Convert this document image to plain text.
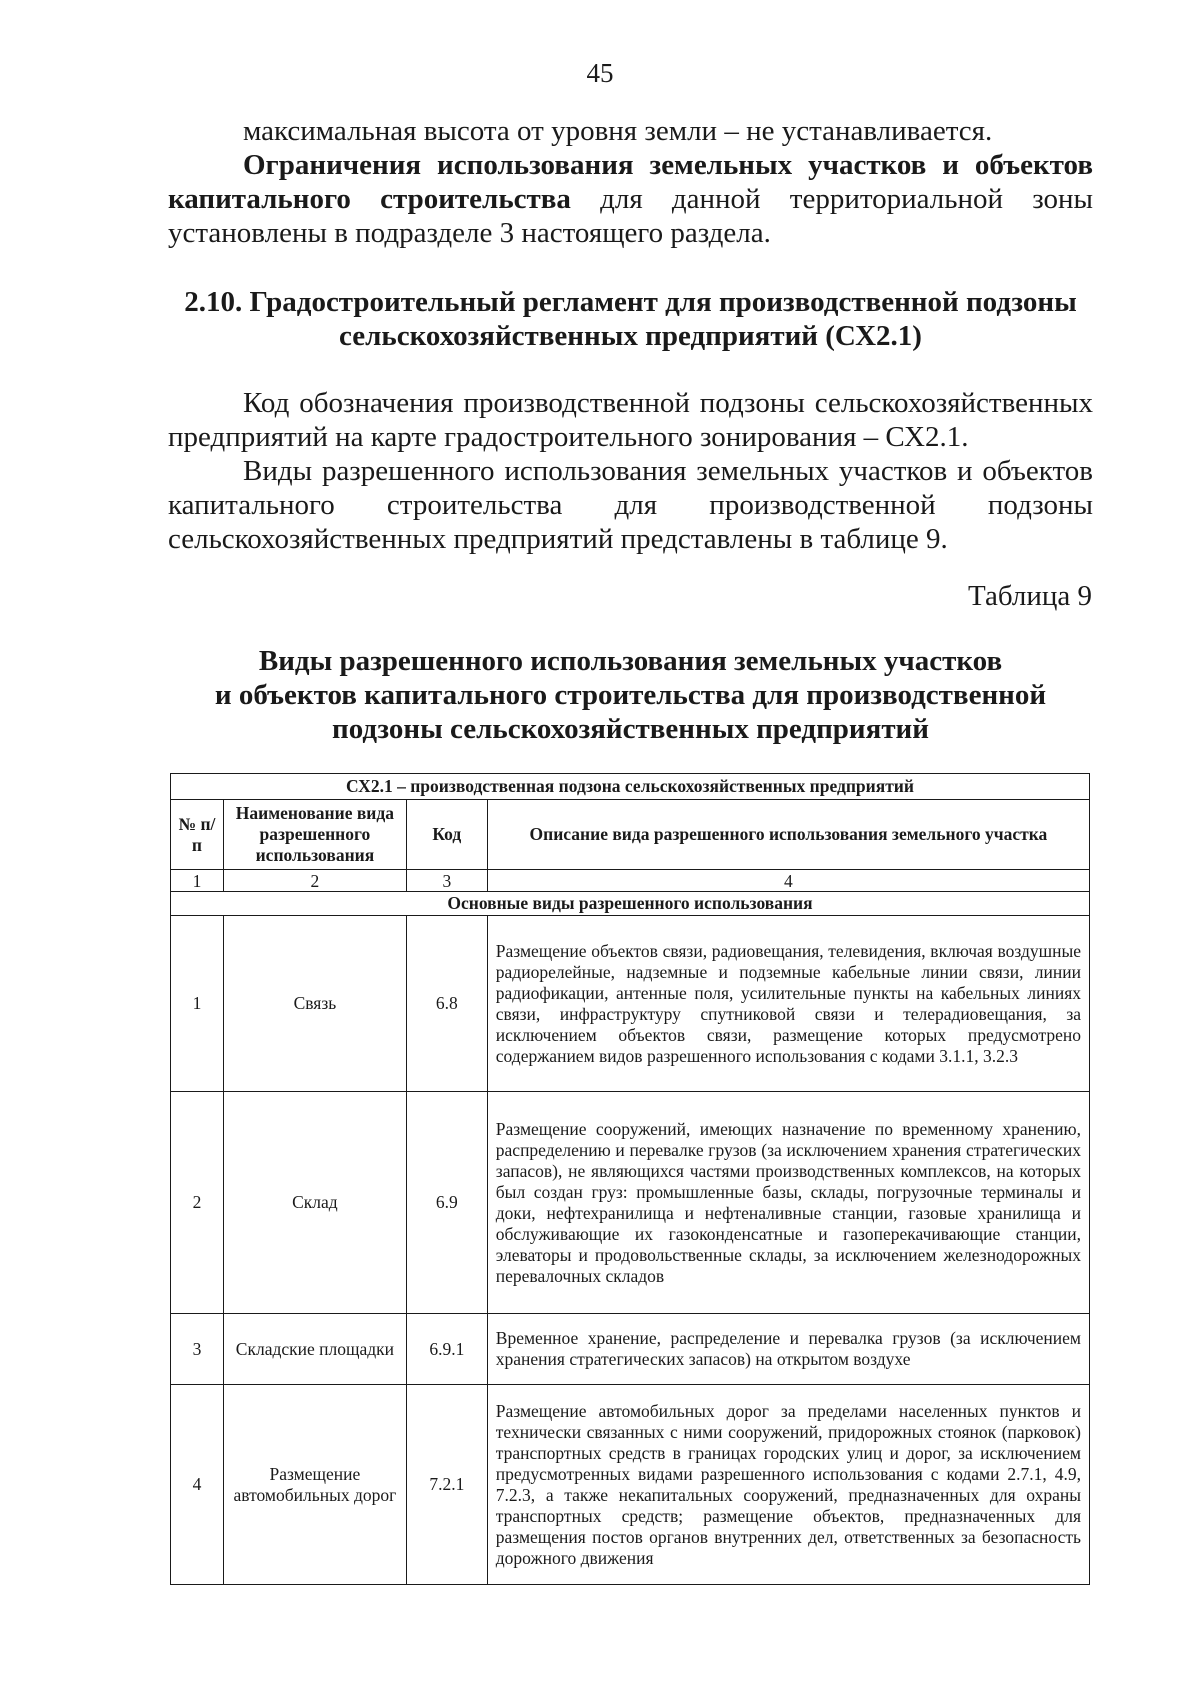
45

максимальная высота от уровня земли – не устанавливается.

Ограничения использования земельных участков и объектов капитального строительства для данной территориальной зоны установлены в подразделе 3 настоящего раздела.

2.10. Градостроительный регламент для производственной подзоны
сельскохозяйственных предприятий (СХ2.1)

Код обозначения производственной подзоны сельскохозяйственных предприятий на карте градостроительного зонирования – СХ2.1.

Виды разрешенного использования земельных участков и объектов капитального строительства для производственной подзоны сельскохозяйственных предприятий представлены в таблице 9.

Таблица 9
Виды разрешенного использования земельных участков
и объектов капитального строительства для производственной
подзоны сельскохозяйственных предприятий
СХ2.1 – производственная подзона сельскохозяйственных предприятий			
№ п/п	Наименование вида разрешенного использования	Код	Описание вида разрешенного использования земельного участка
1	2	3	4
Основные виды разрешенного использования			
1	Связь	6.8	Размещение объектов связи, радиовещания, телевидения, включая воздушные радиорелейные, надземные и подземные кабельные линии связи, линии радиофикации, антенные поля, усилительные пункты на кабельных линиях связи, инфраструктуру спутниковой связи и телерадиовещания, за исключением объектов связи, размещение которых предусмотрено содержанием видов разрешенного использования с кодами 3.1.1, 3.2.3
2	Склад	6.9	Размещение сооружений, имеющих назначение по временному хранению, распределению и перевалке грузов (за исключением хранения стратегических запасов), не являющихся частями производственных комплексов, на которых был создан груз: промышленные базы, склады, погрузочные терминалы и доки, нефтехранилища и нефтеналивные станции, газовые хранилища и обслуживающие их газоконденсатные и газоперекачивающие станции, элеваторы и продовольственные склады, за исключением железнодорожных перевалочных складов
3	Складские площадки	6.9.1	Временное хранение, распределение и перевалка грузов (за исключением хранения стратегических запасов) на открытом воздухе
4	Размещение автомобильных дорог	7.2.1	Размещение автомобильных дорог за пределами населенных пунктов и технически связанных с ними сооружений, придорожных стоянок (парковок) транспортных средств в границах городских улиц и дорог, за исключением предусмотренных видами разрешенного использования с кодами 2.7.1, 4.9, 7.2.3, а также некапитальных сооружений, предназначенных для охраны транспортных средств; размещение объектов, предназначенных для размещения постов органов внутренних дел, ответственных за безопасность дорожного движения
